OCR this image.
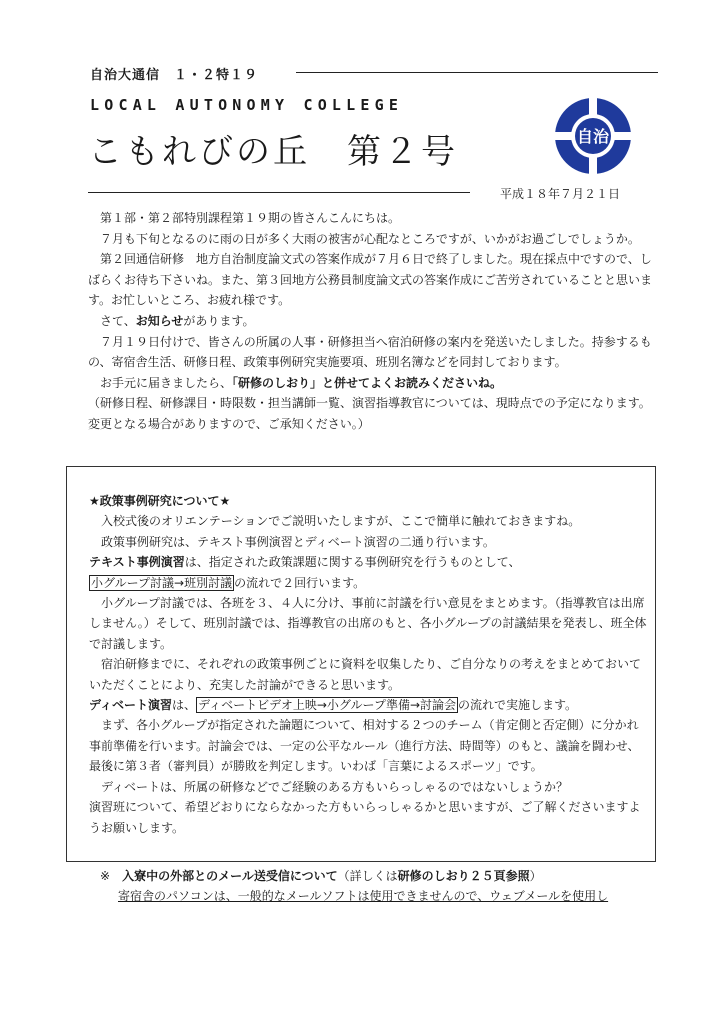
自治大通信　１・２特１９
LOCAL AUTONOMY COLLEGE
こもれびの丘　第２号
平成１８年７月２１日
自治

第１部・第２部特別課程第１９期の皆さんこんにちは。

７月も下旬となるのに雨の日が多く大雨の被害が心配なところですが、いかがお過ごしでしょうか。

第２回通信研修　地方自治制度論文式の答案作成が７月６日で終了しました。現在採点中ですので、しばらくお待ち下さいね。また、第３回地方公務員制度論文式の答案作成にご苦労されていることと思います。お忙しいところ、お疲れ様です。

さて、お知らせがあります。

７月１９日付けで、皆さんの所属の人事・研修担当へ宿泊研修の案内を発送いたしました。持参するもの、寄宿舎生活、研修日程、政策事例研究実施要項、班別名簿などを同封しております。

お手元に届きましたら、「研修のしおり」と併せてよくお読みくださいね。

（研修日程、研修課目・時限数・担当講師一覧、演習指導教官については、現時点での予定になります。変更となる場合がありますので、ご承知ください。）

★政策事例研究について★

入校式後のオリエンテーションでご説明いたしますが、ここで簡単に触れておきますね。

政策事例研究は、テキスト事例演習とディベート演習の二通り行います。

テキスト事例演習は、指定された政策課題に関する事例研究を行うものとして、

小グループ討議→班別討議 の流れで２回行います。

小グループ討議では、各班を３、４人に分け、事前に討議を行い意見をまとめます。（指導教官は出席しません。）そして、班別討議では、指導教官の出席のもと、各小グループの討議結果を発表し、班全体で討議します。

宿泊研修までに、それぞれの政策事例ごとに資料を収集したり、ご自分なりの考えをまとめておいていただくことにより、充実した討論ができると思います。

ディベート演習は、 ディベートビデオ上映→小グループ準備→討論会 の流れで実施します。

まず、各小グループが指定された論題について、相対する２つのチーム（肯定側と否定側）に分かれ事前準備を行います。討論会では、一定の公平なルール（進行方法、時間等）のもと、議論を闘わせ、最後に第３者（審判員）が勝敗を判定します。いわば「言葉によるスポーツ」です。

ディベートは、所属の研修などでご経験のある方もいらっしゃるのではないしょうか？

演習班について、希望どおりにならなかった方もいらっしゃるかと思いますが、ご了解くださいますようお願いします。

※　 入寮中の外部とのメール送受信について（詳しくは研修のしおり２５頁参照）
寄宿舎のパソコンは、一般的なメールソフトは使用できませんので、ウェブメールを使用し
